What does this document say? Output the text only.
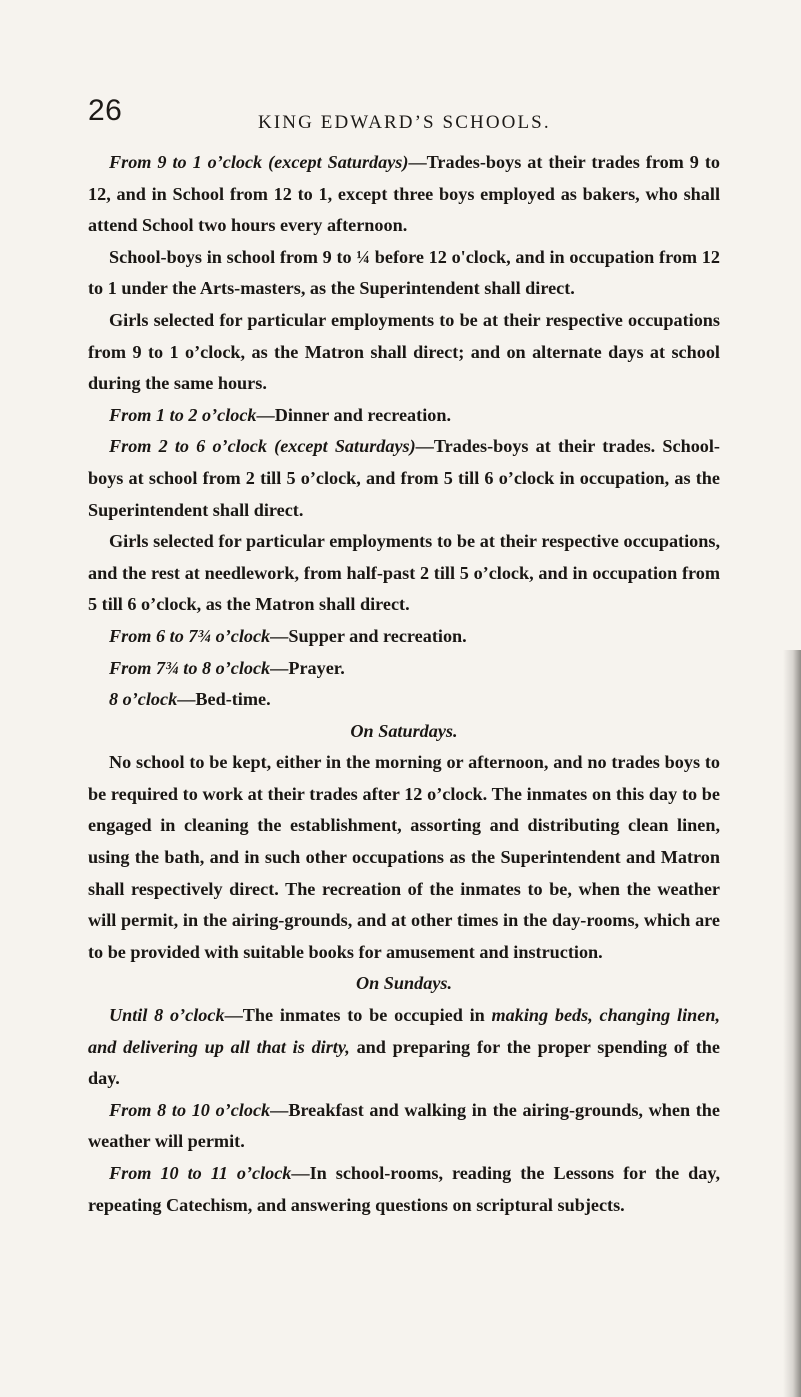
26	KING EDWARD’S SCHOOLS.

From 9 to 1 o’clock (except Saturdays)—Trades-boys at their trades from 9 to 12, and in School from 12 to 1, except three boys employed as bakers, who shall attend School two hours every afternoon.

School-boys in school from 9 to ¼ before 12 o'clock, and in occupation from 12 to 1 under the Arts-masters, as the Superintendent shall direct.

Girls selected for particular employments to be at their respective occupations from 9 to 1 o’clock, as the Matron shall direct; and on alternate days at school during the same hours.

From 1 to 2 o’clock—Dinner and recreation.

From 2 to 6 o’clock (except Saturdays)—Trades-boys at their trades. School-boys at school from 2 till 5 o’clock, and from 5 till 6 o’clock in occupation, as the Superintendent shall direct.

Girls selected for particular employments to be at their respective occupations, and the rest at needlework, from half-past 2 till 5 o’clock, and in occupation from 5 till 6 o’clock, as the Matron shall direct.

From 6 to 7¾ o’clock—Supper and recreation.

From 7¾ to 8 o’clock—Prayer.

8 o’clock—Bed-time.

On Saturdays.

No school to be kept, either in the morning or afternoon, and no trades boys to be required to work at their trades after 12 o’clock. The inmates on this day to be engaged in cleaning the establishment, assorting and distributing clean linen, using the bath, and in such other occupations as the Superintendent and Matron shall respectively direct. The recreation of the inmates to be, when the weather will permit, in the airing-grounds, and at other times in the day-rooms, which are to be provided with suitable books for amusement and instruction.

On Sundays.

Until 8 o’clock—The inmates to be occupied in making beds, changing linen, and delivering up all that is dirty, and preparing for the proper spending of the day.

From 8 to 10 o’clock—Breakfast and walking in the airing-grounds, when the weather will permit.

From 10 to 11 o’clock—In school-rooms, reading the Lessons for the day, repeating Catechism, and answering questions on scriptural subjects.
